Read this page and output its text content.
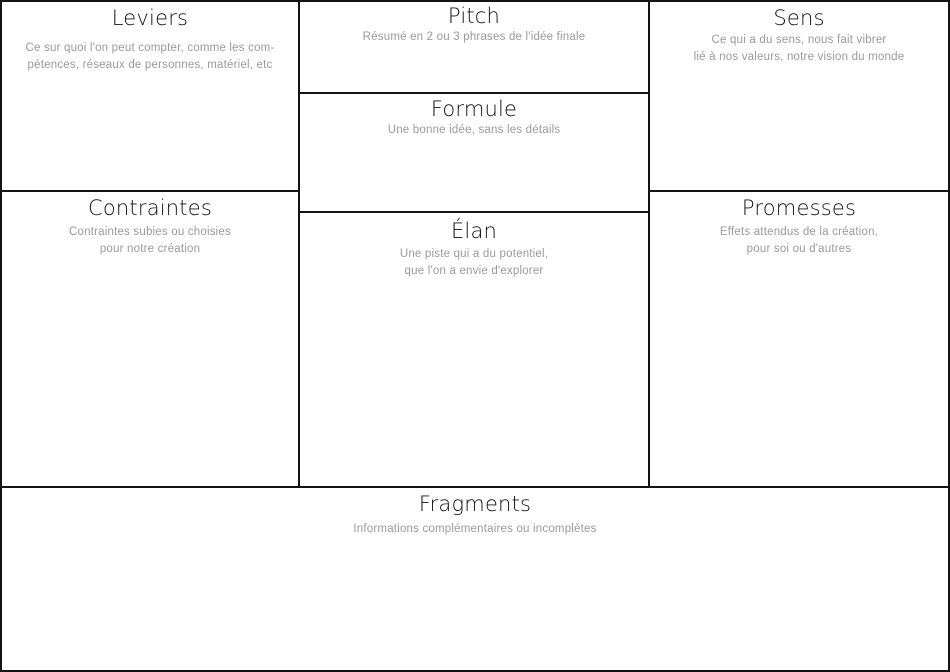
Leviers
Ce sur quoi l'on peut compter, comme les com-
pétences, réseaux de personnes, matériel, etc
Pitch
Résumé en 2 ou 3 phrases de l'idée finale
Sens
Ce qui a du sens, nous fait vibrer
lié à nos valeurs, notre vision du monde
Formule
Une bonne idée, sans les détails
Contraintes
Contraintes subies ou choisies
pour notre création
Élan
Une piste qui a du potentiel,
que l'on a envie d'explorer
Promesses
Effets attendus de la création,
pour soi ou d'autres
Fragments
Informations complémentaires ou incomplètes
